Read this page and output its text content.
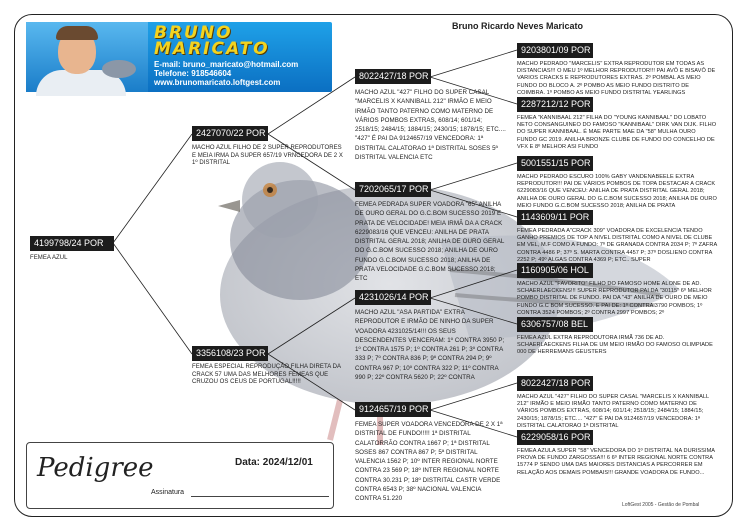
BRUNO
MARICATO
E-mail: bruno_maricato@hotmail.com
Telefone: 918546604
www.brunomaricato.loftgest.com
Bruno Ricardo Neves Maricato
4199798/24 POR
FEMEA AZUL
2427070/22 POR
MACHO AZUL FILHO DE 2 SUPER REPRODUTORES E MEIA IRMA DA SUPER 657/19 VRNCEDORA DE 2 X 1º DISTRITAL
3356108/23 POR
FEMEA ESPECIAL REPRODUÇÃO FILHA DIRETA DA CRACK 57 UMA DAS MELHORES FEMEAS QUE CRUZOU OS CEUS DE PORTUGAL!!!!!
8022427/18 POR
MACHO AZUL "427" FILHO DO SUPER CASAL "MARCELIS X KANNIBALL 212" IRMÃO E MEIO IRMÃO TANTO PATERNO COMO MATERNO DE VÁRIOS POMBOS EXTRAS, 608/14; 601/14; 2518/15; 2484/15; 1884/15; 2430/15; 1878/15; ETC.... "427" É PAI DA 9124657/19 VENCEDORA: 1ª DISTRITAL CALATORAO 1ª DISTRITAL SOSES 5ª DISTRITAL VALENCIA ETC
7202065/17 POR
FEMEA PEDRADA SUPER VOADORA "65" ANILHA DE OURO GERAL DO G.C.BOM SUCESSO 2019 E PRATA DE VELOCIDADE! MEIA IRMÃ DA A CRACK 6229083/16 QUE VENCEU: ANILHA DE PRATA DISTRITAL GERAL 2018; ANILHA DE OURO GERAL DO G.C.BOM SUCESSO 2018; ANILHA DE OURO FUNDO G.C.BOM SUCESSO 2018; ANILHA DE PRATA VELOCIDADE G.C.BOM SUCESSO 2018; ETC
4231026/14 POR
MACHO AZUL "ASA PARTIDA" EXTRA REPRODUTOR E IRMÃO DE NINHO DA SUPER VOADORA 4231025/14!!! OS SEUS DESCENDENTES VENCERAM: 1º CONTRA 3950 P; 1º CONTRA 1575 P; 1º CONTRA 261 P; 3º CONTRA 333 P; 7º CONTRA 836 P; 9º CONTRA 294 P; 9º CONTRA 967 P; 10º CONTRA 322 P; 11º CONTRA 990 P; 22º CONTRA 5620 P; 22º CONTRA
9124657/19 POR
FEMEA SUPER VOADORA VENCEDORA DE 2 X 1ª DISTRITAL DE FUNDO!!!!! 1ª DISTRITAL CALATORRÃO CONTRA 1667 P; 1ª DISTRITAL SOSES 867 CONTRA 867 P; 5ª DISTRITAL VALENCIA 1562 P; 10º INTER REGIONAL NORTE CONTRA 23 569 P; 18º INTER REGIONAL NORTE CONTRA 30.231 P; 18º DISTRITAL CASTR VERDE CONTRA 6543 P; 38º NACIONAL VALENCIA CONTRA 51.220
9203801/09 POR
MACHO PEDRADO "MARCELIS" EXTRA REPRODUTOR EM TODAS AS DISTANCIAS!!! O MEU 1º MELHOR REPRODUTOR!!! PAI AVÔ E BISAVÔ DE VARIOS CRACKS E REPRODUTORES EXTRAS. 2º POMBAL AS MEIO FUNDO DO BLOCO A. 2º POMBO AS MEIO FUNDO DISTRITO DE COIMBRA. 1º POMBO AS MEIO FUNDO DISTRITAL YEARLINGS
2287212/12 POR
FEMEA "KANNIBAAL 212" FILHA DO "YOUNG KANNIBAAL" DO LOBATO NETO CONSANGUINEO DO FAMOSO "KANNIBAAL" DIRK VAN DIJK. FILHO DO SUPER KANNIBAAL. É MAE PARTE MAE DA "58" MULHA OURO FUNDO GC 2019. ANILHA BRONZE CLUBE DE FUNDO DO CONCELHO DE VFX E 8º MELHOR ASI FUNDO
5001551/15 POR
MACHO PEDRADO ESCURO 100% GABY VANDENABEELE EXTRA REPRODUTOR!!! PAI DE VÁRIOS POMBOS DE TOPA DESTACAR A CRACK 6229083/16 QUE VENCEU: ANILHA DE PRATA DISTRITAL GERAL 2018; ANILHA DE OURO GERAL DO G.C.BOM SUCESSO 2018; ANILHA DE OURO MEIO FUNDO G.C.BOM SUCESSO 2018; ANILHA DE PRATA
1143609/11 POR
FEMEA PEDRADA A"CRACK 309" VOADORA DE EXCELENCIA TENDO GANHO PREMIOS DE TOP A NIVEL DISTRITAL COMO A NIVEL DE CLUBE EM VEL, M.F COMO A FUNDO: 7º DE GRANADA CONTRA 2034 P; 7º ZAFRA CONTRA 4486 P; 37º S. MARTA CONTRA 4457 P; 37º DOSLIENO CONTRA 2252 P; 49º ALGAS CONTRA 4369 P; ETC.. SUPER
1160905/06 HOL
MACHO AZUL "FAVORITO" FILHO DO FAMOSO HOME ALONE DE AD. SCHAERLAECKENS!!! SUPER REPRODUTOR PAI DA "30115" 6º MELHOR POMBO DISTRITAL DE FUNDO. PAI DA "43" ANILHA DE OURO DE MEIO FUNDO G.C BOM SUCESSO. E PAI DE: 1º CONTRA 3790 POMBOS; 1º CONTRA 3524 POMBOS; 2º CONTRA 2997 POMBOS; 2º
6306757/08 BEL
FEMEA AZUL EXTRA REPRODUTORA IRMÃ 736 DE AD. SCHAERLAECKENS FILHA DE UM MEIO IRMÃO DO FAMOSO OLIMPIADE 000 DE HERREMANS GEUSTERS
8022427/18 POR
MACHO AZUL "427" FILHO DO SUPER CASAL "MARCELIS X KANNIBALL 212" IRMÃO E MEIO IRMÃO TANTO PATERNO COMO MATERNO DE VÁRIOS POMBOS EXTRAS, 608/14; 601/14; 2518/15; 2484/15; 1884/15; 2430/15; 1878/15; ETC.... "427" É PAI DA 9124657/19 VENCEDORA: 1ª DISTRITAL CALATORAO 1ª DISTRITAL
6229058/16 POR
FEMEA AZULA SUPER "58" VENCEDORA DO 1º DISTRITAL NA DURISSIMA PROVA DE FUNDO ZARGOSSA!!! 6 6º INTER REGIONAL NORTE CONTRA 15774 P SENDO UMA DAS MAIORES DISTANCIAS A PERCORRER EM RELAÇÃO AOS DEMAIS POMBAIS!!! GRANDE VOADORA DE FUNDO...
Pedigree	Data: 2024/12/01
Assinatura
LoftGest 2005 - Gestão de Pombal
